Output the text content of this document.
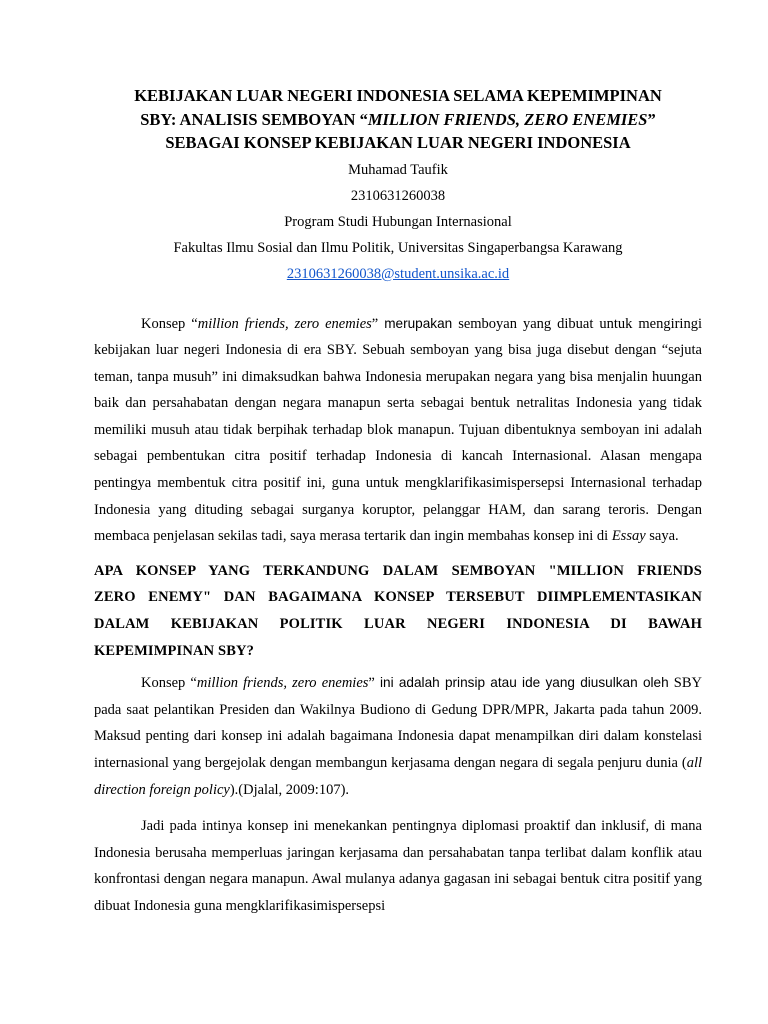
KEBIJAKAN LUAR NEGERI INDONESIA SELAMA KEPEMIMPINAN
SBY: ANALISIS SEMBOYAN “MILLION FRIENDS, ZERO ENEMIES”
SEBAGAI KONSEP KEBIJAKAN LUAR NEGERI INDONESIA
Muhamad Taufik
2310631260038
Program Studi Hubungan Internasional
Fakultas Ilmu Sosial dan Ilmu Politik, Universitas Singaperbangsa Karawang
2310631260038@student.unsika.ac.id

Konsep “million friends, zero enemies” merupakan semboyan yang dibuat untuk mengiringi kebijakan luar negeri Indonesia di era SBY. Sebuah semboyan yang bisa juga disebut dengan “sejuta teman, tanpa musuh” ini dimaksudkan bahwa Indonesia merupakan negara yang bisa menjalin huungan baik dan persahabatan dengan negara manapun serta sebagai bentuk netralitas Indonesia yang tidak memiliki musuh atau tidak berpihak terhadap blok manapun. Tujuan dibentuknya semboyan ini adalah sebagai pembentukan citra positif terhadap Indonesia di kancah Internasional. Alasan mengapa pentingya membentuk citra positif ini, guna untuk mengklarifikasimispersepsi Internasional terhadap Indonesia yang dituding sebagai surganya koruptor, pelanggar HAM, dan sarang teroris. Dengan membaca penjelasan sekilas tadi, saya merasa tertarik dan ingin membahas konsep ini di Essay saya.

APA KONSEP YANG TERKANDUNG DALAM SEMBOYAN "MILLION FRIENDS
ZERO ENEMY" DAN BAGAIMANA KONSEP TERSEBUT DIIMPLEMENTASIKAN
DALAM KEBIJAKAN POLITIK LUAR NEGERI INDONESIA DI BAWAH
KEPEMIMPINAN SBY?

Konsep “million friends, zero enemies” ini adalah prinsip atau ide yang diusulkan oleh SBY pada saat pelantikan Presiden dan Wakilnya Budiono di Gedung DPR/MPR, Jakarta pada tahun 2009. Maksud penting dari konsep ini adalah bagaimana Indonesia dapat menampilkan diri dalam konstelasi internasional yang bergejolak dengan membangun kerjasama dengan negara di segala penjuru dunia (all direction foreign policy).(Djalal, 2009:107).

Jadi pada intinya konsep ini menekankan pentingnya diplomasi proaktif dan inklusif, di mana Indonesia berusaha memperluas jaringan kerjasama dan persahabatan tanpa terlibat dalam konflik atau konfrontasi dengan negara manapun. Awal mulanya adanya gagasan ini sebagai bentuk citra positif yang dibuat Indonesia guna mengklarifikasimispersepsi
